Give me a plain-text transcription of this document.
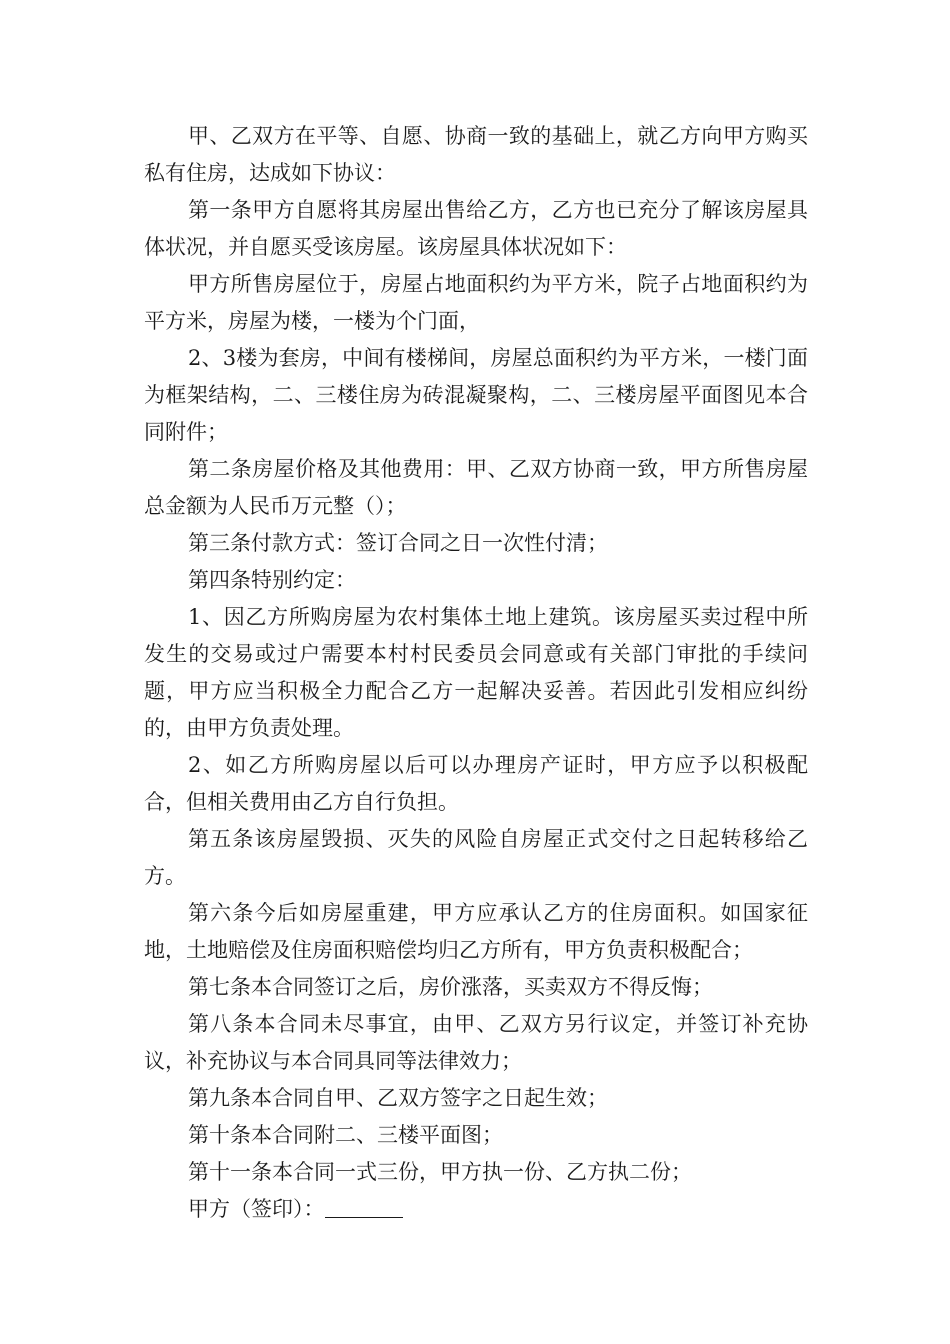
甲、乙双方在平等、自愿、协商一致的基础上，就乙方向甲方购买私有住房，达成如下协议：

第一条甲方自愿将其房屋出售给乙方，乙方也已充分了解该房屋具体状况，并自愿买受该房屋。该房屋具体状况如下：

甲方所售房屋位于，房屋占地面积约为平方米，院子占地面积约为平方米，房屋为楼，一楼为个门面，

2、3楼为套房，中间有楼梯间，房屋总面积约为平方米，一楼门面为框架结构，二、三楼住房为砖混凝聚构，二、三楼房屋平面图见本合同附件；

第二条房屋价格及其他费用：甲、乙双方协商一致，甲方所售房屋总金额为人民币万元整（）；

第三条付款方式：签订合同之日一次性付清；

第四条特别约定：

1、因乙方所购房屋为农村集体土地上建筑。该房屋买卖过程中所发生的交易或过户需要本村村民委员会同意或有关部门审批的手续问题，甲方应当积极全力配合乙方一起解决妥善。若因此引发相应纠纷的，由甲方负责处理。

2、如乙方所购房屋以后可以办理房产证时，甲方应予以积极配合，但相关费用由乙方自行负担。

第五条该房屋毁损、灭失的风险自房屋正式交付之日起转移给乙方。

第六条今后如房屋重建，甲方应承认乙方的住房面积。如国家征地，土地赔偿及住房面积赔偿均归乙方所有，甲方负责积极配合；

第七条本合同签订之后，房价涨落，买卖双方不得反悔；

第八条本合同未尽事宜，由甲、乙双方另行议定，并签订补充协议，补充协议与本合同具同等法律效力；

第九条本合同自甲、乙双方签字之日起生效；

第十条本合同附二、三楼平面图；

第十一条本合同一式三份，甲方执一份、乙方执二份；

甲方（签印）：
